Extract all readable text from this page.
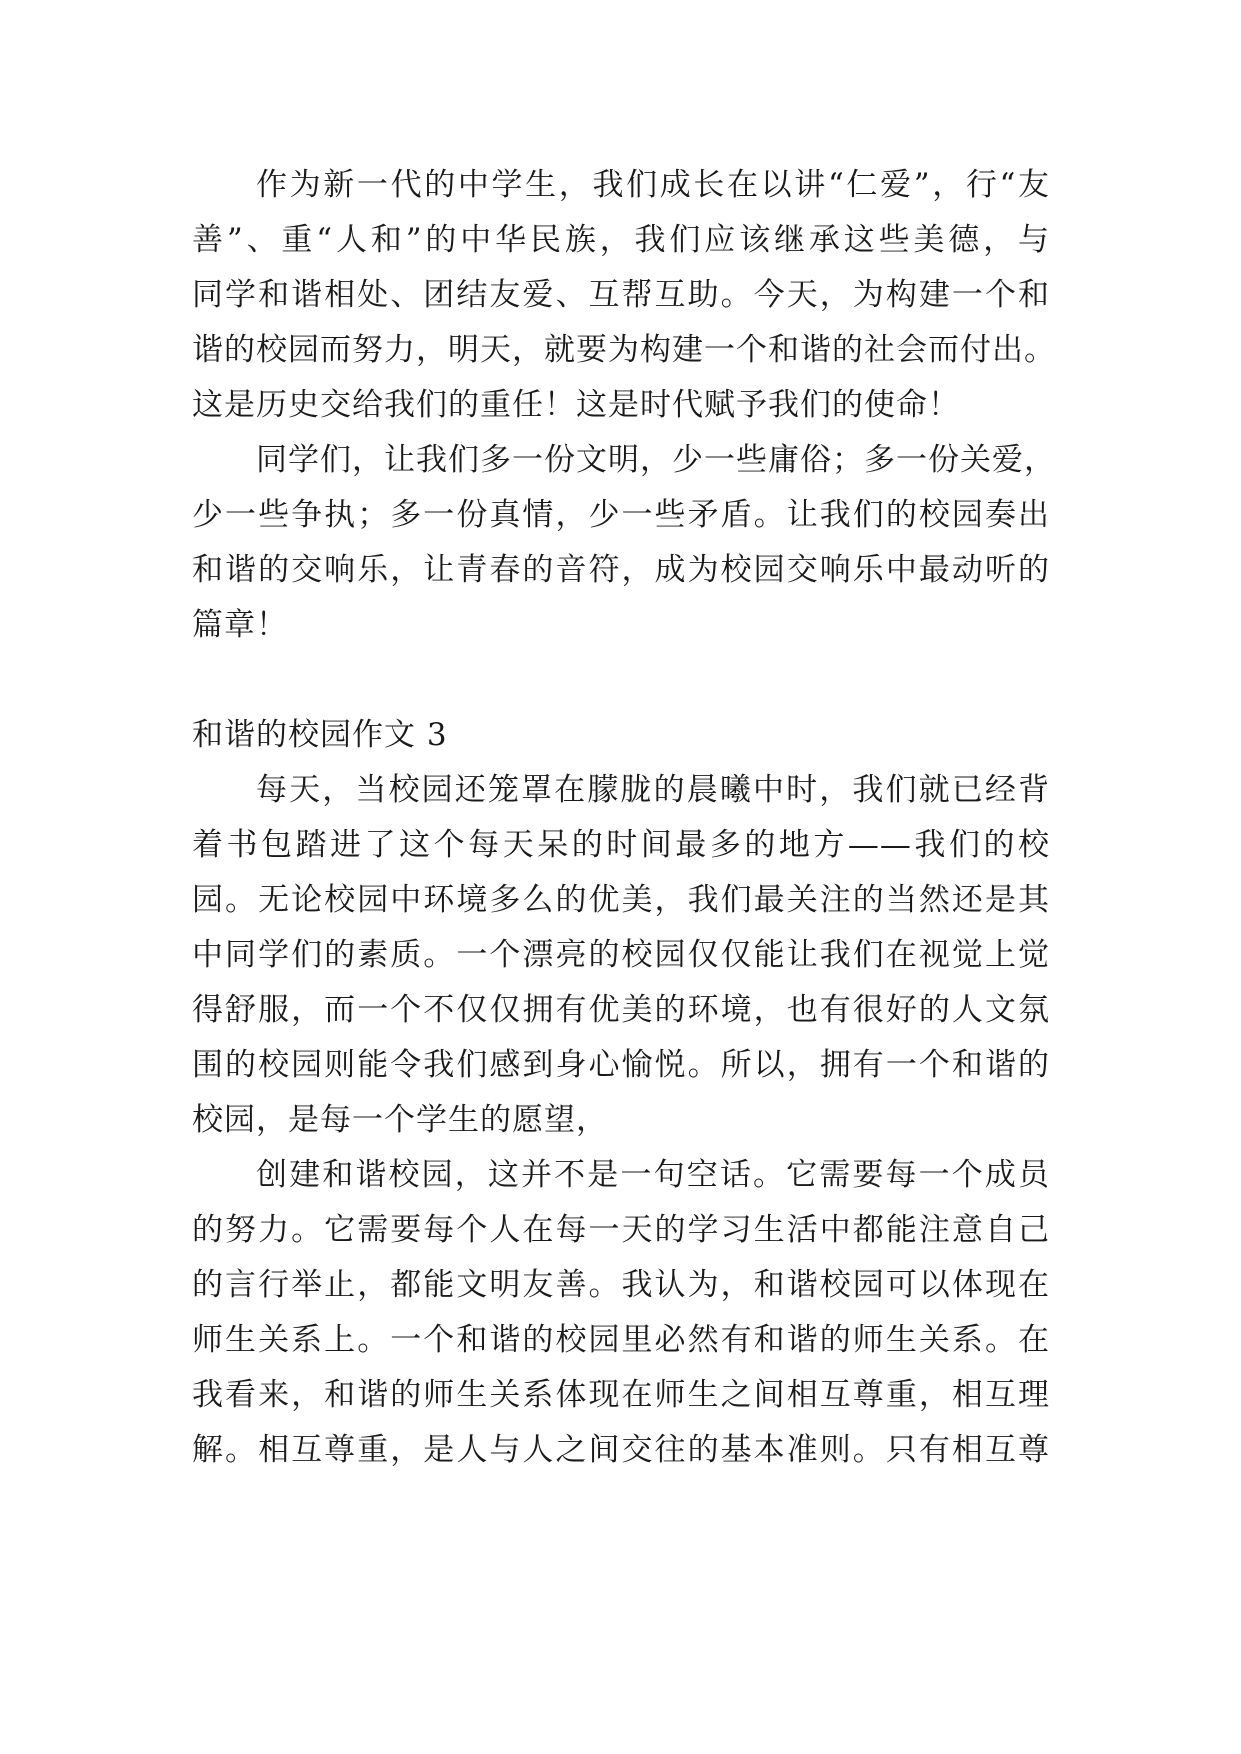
作为新一代的中学生，我们成长在以讲“仁爱”，行“友
善”、重“人和”的中华民族，我们应该继承这些美德，与
同学和谐相处、团结友爱、互帮互助。今天，为构建一个和
谐的校园而努力，明天，就要为构建一个和谐的社会而付出。
这是历史交给我们的重任！这是时代赋予我们的使命！
同学们，让我们多一份文明，少一些庸俗；多一份关爱，
少一些争执；多一份真情，少一些矛盾。让我们的校园奏出
和谐的交响乐，让青春的音符，成为校园交响乐中最动听的
篇章！
和谐的校园作文 3
每天，当校园还笼罩在朦胧的晨曦中时，我们就已经背
着书包踏进了这个每天呆的时间最多的地方——我们的校
园。无论校园中环境多么的优美，我们最关注的当然还是其
中同学们的素质。一个漂亮的校园仅仅能让我们在视觉上觉
得舒服，而一个不仅仅拥有优美的环境，也有很好的人文氛
围的校园则能令我们感到身心愉悦。所以，拥有一个和谐的
校园，是每一个学生的愿望，
创建和谐校园，这并不是一句空话。它需要每一个成员
的努力。它需要每个人在每一天的学习生活中都能注意自己
的言行举止，都能文明友善。我认为，和谐校园可以体现在
师生关系上。一个和谐的校园里必然有和谐的师生关系。在
我看来，和谐的师生关系体现在师生之间相互尊重，相互理
解。相互尊重，是人与人之间交往的基本准则。只有相互尊
